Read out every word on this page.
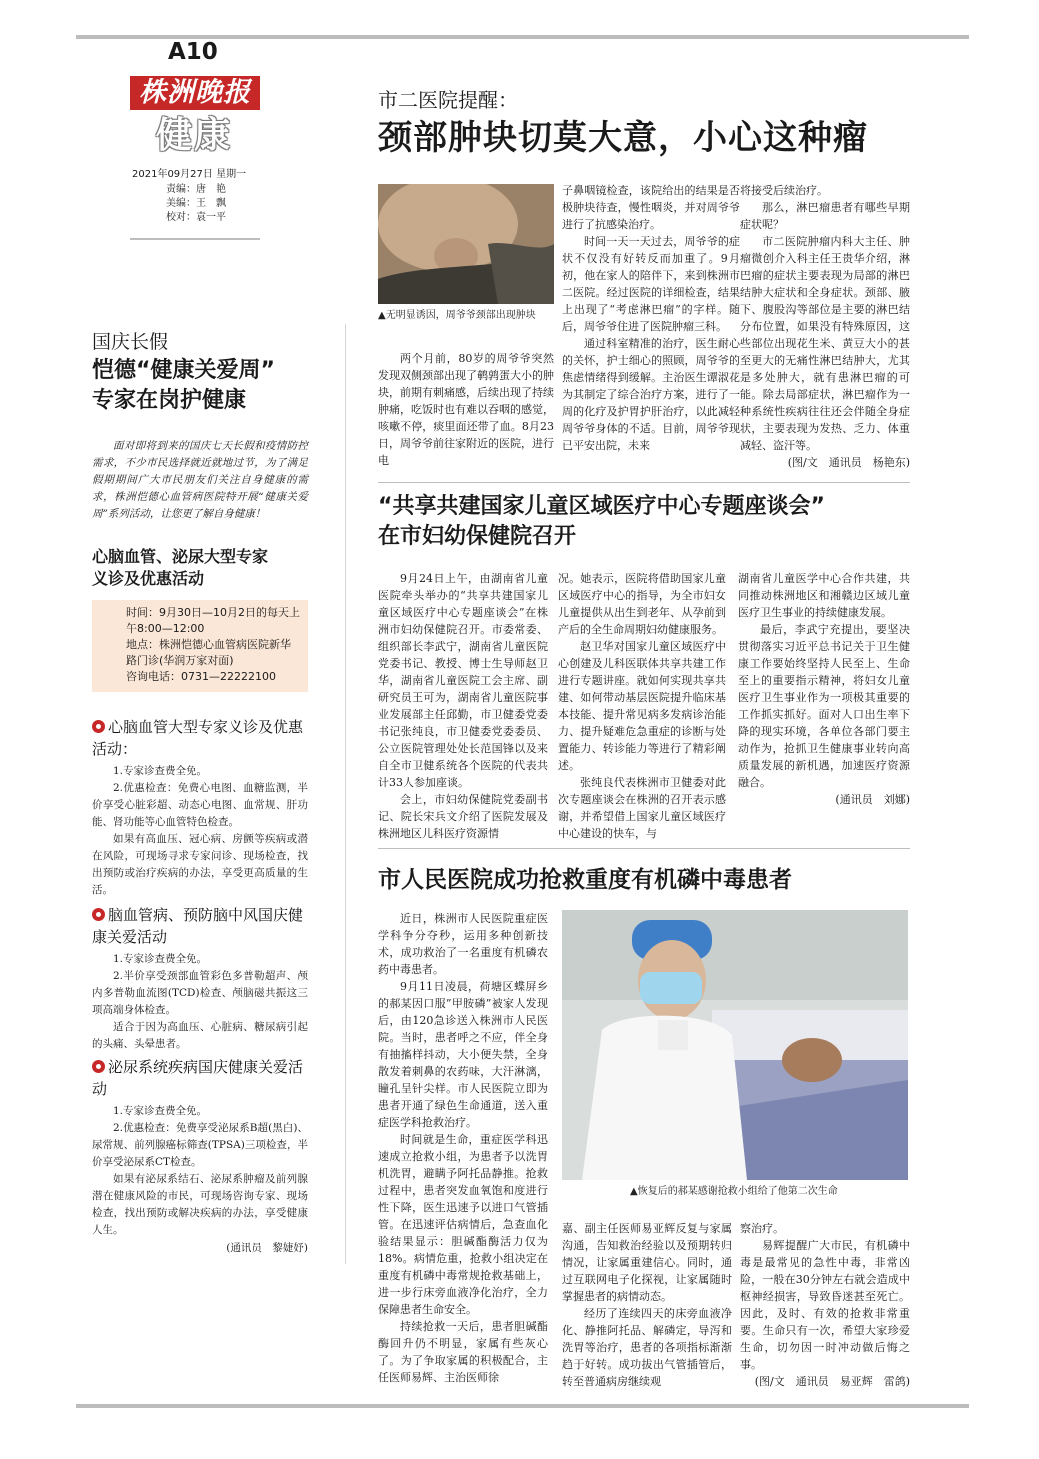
A10
株洲晚报
健康
2021年09月27日 星期一
责编：唐　艳
美编：王　飘
校对：袁一平
国庆长假
恺德“健康关爱周”
专家在岗护健康

面对即将到来的国庆七天长假和疫情防控需求，不少市民选择就近就地过节，为了满足假期期间广大市民朋友们关注自身健康的需求，株洲恺德心血管病医院特开展“健康关爱周”系列活动，让您更了解自身健康！

心脑血管、泌尿大型专家
义诊及优惠活动
时间：9月30日—10月2日的每天上午8:00—12:00
地点：株洲恺德心血管病医院新华路门诊(华润万家对面)
咨询电话：0731—22222100
心脑血管大型专家义诊及优惠活动：

1.专家诊查费全免。

2.优惠检查：免费心电图、血糖监测，半价享受心脏彩超、动态心电图、血常规、肝功能、肾功能等心血管特色检查。

如果有高血压、冠心病、房颤等疾病或潜在风险，可现场寻求专家问诊、现场检查，找出预防或治疗疾病的办法，享受更高质量的生活。

脑血管病、预防脑中风国庆健康关爱活动

1.专家诊查费全免。

2.半价享受颈部血管彩色多普勒超声、颅内多普勒血流图(TCD)检查、颅脑磁共振这三项高端身体检查。

适合于因为高血压、心脏病、糖尿病引起的头痛、头晕患者。

泌尿系统疾病国庆健康关爱活动

1.专家诊查费全免。

2.优惠检查：免费享受泌尿系B超(黑白)、尿常规、前列腺癌标筛查(TPSA)三项检查，半价享受泌尿系CT检查。

如果有泌尿系结石、泌尿系肿瘤及前列腺潜在健康风险的市民，可现场咨询专家、现场检查，找出预防或解决疾病的办法，享受健康人生。

(通讯员　黎婕妤)
市二医院提醒：
颈部肿块切莫大意，小心这种瘤
▲无明显诱因，周爷爷颈部出现肿块

两个月前，80岁的周爷爷突然发现双侧颈部出现了鹌鹑蛋大小的肿块，前期有刺痛感，后续出现了持续肿痛，吃饭时也有难以吞咽的感觉，咳嗽不停，痰里面还带了血。8月23日，周爷爷前往家附近的医院，进行电

子鼻咽镜检查，该院给出的结果是否极肿块待查，慢性咽炎，并对周爷爷进行了抗感染治疗。

时间一天一天过去，周爷爷的症状不仅没有好转反而加重了。9月初，他在家人的陪伴下，来到株洲市二医院。经过医院的详细检查，结果上出现了“考虑淋巴瘤”的字样。随后，周爷爷住进了医院肿瘤三科。

通过科室精准的治疗，医生耐心的关怀，护士细心的照顾，周爷爷的焦虑情绪得到缓解。主治医生谭淑花为其制定了综合治疗方案，进行了一周的化疗及护胃护肝治疗，以此减轻周爷爷身体的不适。目前，周爷爷现已平安出院，未来

将接受后续治疗。

那么，淋巴瘤患者有哪些早期症状呢？

市二医院肿瘤内科大主任、肿瘤微创介入科主任王贵华介绍，淋巴瘤的症状主要表现为局部的淋巴结肿大症状和全身症状。颈部、腋下、腹股沟等部位是主要的淋巴结分布位置，如果没有特殊原因，这些部位出现花生米、黄豆大小的甚至更大的无痛性淋巴结肿大，尤其是多处肿大，就有患淋巴瘤的可能。除去局部症状，淋巴瘤作为一种系统性疾病往往还会伴随全身症状，主要表现为发热、乏力、体重减轻、盗汗等。

(图/文　通讯员　杨艳东)

“共享共建国家儿童区域医疗中心专题座谈会”
在市妇幼保健院召开

9月24日上午，由湖南省儿童医院牵头举办的“共享共建国家儿童区域医疗中心专题座谈会”在株洲市妇幼保健院召开。市委常委、组织部长李武宁，湖南省儿童医院党委书记、教授、博士生导师赵卫华，湖南省儿童医院工会主席、副研究员王可为，湖南省儿童医院事业发展部主任邱勤，市卫健委党委书记张纯良，市卫健委党委委员、公立医院管理处处长范国锋以及来自全市卫健系统各个医院的代表共计33人参加座谈。

会上，市妇幼保健院党委副书记、院长宋兵文介绍了医院发展及株洲地区儿科医疗资源情

况。她表示，医院将借助国家儿童区域医疗中心的指导，为全市妇女儿童提供从出生到老年、从孕前到产后的全生命周期妇幼健康服务。

赵卫华对国家儿童区域医疗中心创建及儿科医联体共享共建工作进行专题讲座。就如何实现共享共建、如何带动基层医院提升临床基本技能、提升常见病多发病诊治能力、提升疑难危急重症的诊断与处置能力、转诊能力等进行了精彩阐述。

张纯良代表株洲市卫健委对此次专题座谈会在株洲的召开表示感谢，并希望借上国家儿童区域医疗中心建设的快车，与

湖南省儿童医学中心合作共建，共同推动株洲地区和湘赣边区域儿童医疗卫生事业的持续健康发展。

最后，李武宁充提出，要坚决贯彻落实习近平总书记关于卫生健康工作要始终坚持人民至上、生命至上的重要指示精神，将妇女儿童医疗卫生事业作为一项极其重要的工作抓实抓好。面对人口出生率下降的现实环境，各单位各部门要主动作为，抢抓卫生健康事业转向高质量发展的新机遇，加速医疗资源融合。

(通讯员　刘娜)

市人民医院成功抢救重度有机磷中毒患者
▲恢复后的郝某感谢抢救小组给了他第二次生命

近日，株洲市人民医院重症医学科争分夺秒，运用多种创新技术，成功救治了一名重度有机磷农药中毒患者。

9月11日凌晨，荷塘区蝶屏乡的郝某因口服”甲胺磷”被家人发现后，由120急诊送入株洲市人民医院。当时，患者呼之不应，伴全身有抽搐样抖动，大小便失禁，全身散发着刺鼻的农药味，大汗淋漓，瞳孔呈针尖样。市人民医院立即为患者开通了绿色生命通道，送入重症医学科抢救治疗。

时间就是生命，重症医学科迅速成立抢救小组，为患者予以洗胃机洗胃，避瞒予阿托品静推。抢救过程中，患者突发血氧饱和度进行性下降，医生迅速予以进口气管插管。在迅速评估病情后，急查血化验结果显示：胆碱酯酶活力仅为18%。病情危重，抢救小组决定在重度有机磷中毒常规抢救基础上，进一步行床旁血液净化治疗，全力保障患者生命安全。

持续抢救一天后，患者胆碱酯酶回升仍不明显，家属有些灰心了。为了争取家属的积极配合，主任医师易辉、主治医师徐

嘉、副主任医师易亚辉反复与家属沟通，告知救治经验以及预期转归情况，让家属重建信心。同时，通过互联网电子化探视，让家属随时掌握患者的病情动态。

经历了连续四天的床旁血液净化、静推阿托品、解磷定，导泻和洗胃等治疗，患者的各项指标渐渐趋于好转。成功拔出气管插管后，转至普通病房继续观

察治疗。

易辉提醒广大市民，有机磷中毒是最常见的急性中毒，非常凶险，一般在30分钟左右就会造成中枢神经损害，导致昏迷甚至死亡。因此，及时、有效的抢救非常重要。生命只有一次，希望大家珍爱生命，切勿因一时冲动做后悔之事。

(图/文　通讯员　易亚辉　雷鸽)
